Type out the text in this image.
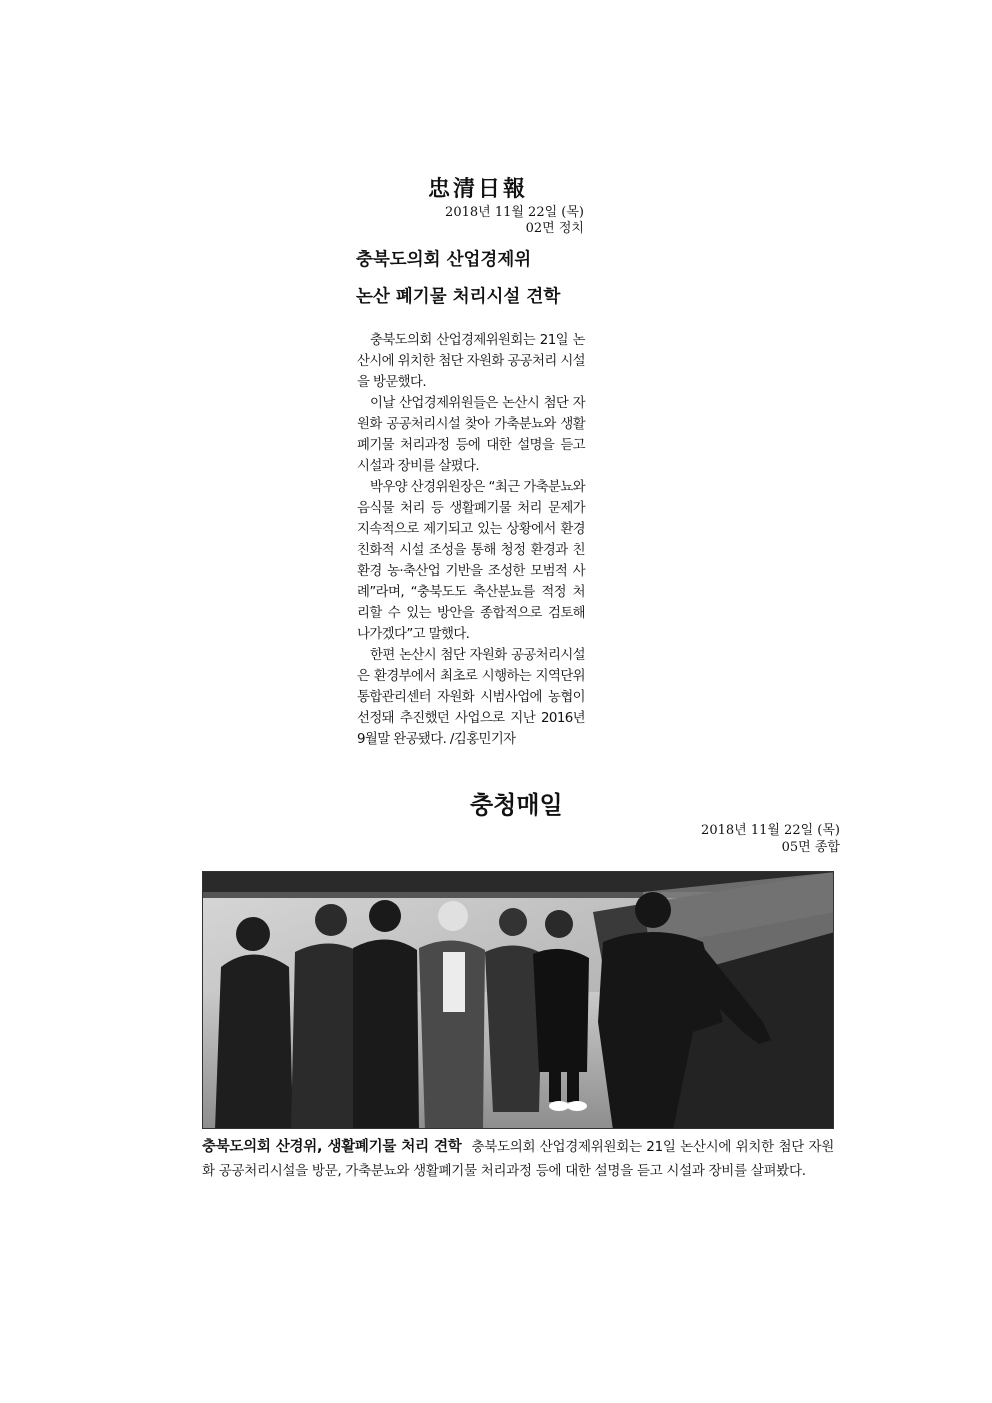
忠清日報
2018년 11월 22일 (목)
02면 정치
충북도의회 산업경제위
논산 폐기물 처리시설 견학

충북도의회 산업경제위원회는 21일 논산시에 위치한 첨단 자원화 공공처리 시설을 방문했다.

이날 산업경제위원들은 논산시 첨단 자원화 공공처리시설 찾아 가축분뇨와 생활폐기물 처리과정 등에 대한 설명을 듣고 시설과 장비를 살폈다.

박우양 산경위원장은 “최근 가축분뇨와 음식물 처리 등 생활폐기물 처리 문제가 지속적으로 제기되고 있는 상황에서 환경친화적 시설 조성을 통해 청정 환경과 친환경 농·축산업 기반을 조성한 모범적 사례”라며, “충북도도 축산분뇨를 적정 처리할 수 있는 방안을 종합적으로 검토해 나가겠다”고 말했다.

한편 논산시 첨단 자원화 공공처리시설은 환경부에서 최초로 시행하는 지역단위통합관리센터 자원화 시범사업에 농협이 선정돼 추진했던 사업으로 지난 2016년 9월말 완공됐다. /김홍민기자

충청매일
2018년 11월 22일 (목)
05면 종합
충북도의회 산경위, 생활폐기물 처리 견학 충북도의회 산업경제위원회는 21일 논산시에 위치한 첨단 자원화 공공처리시설을 방문, 가축분뇨와 생활폐기물 처리과정 등에 대한 설명을 듣고 시설과 장비를 살펴봤다.
